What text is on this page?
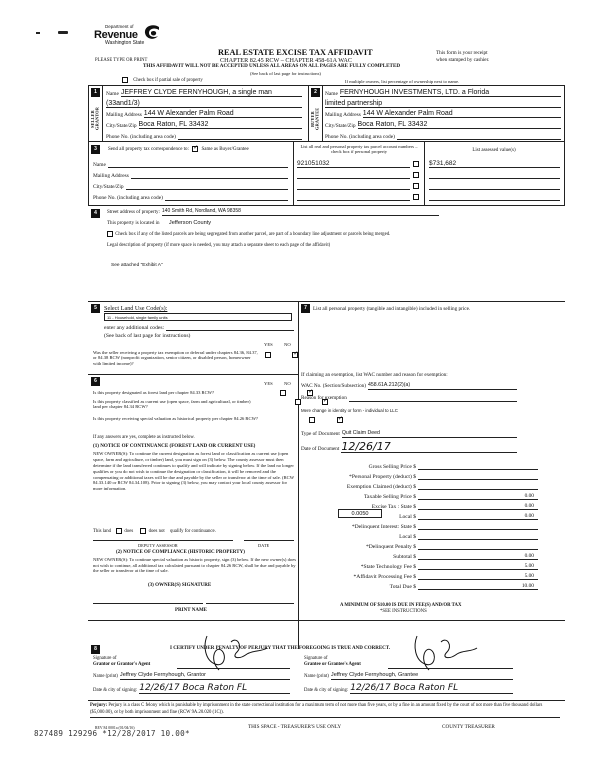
Department of
Revenue
Washington State
REAL ESTATE EXCISE TAX AFFIDAVIT
CHAPTER 82.45 RCW – CHAPTER 458-61A WAC
THIS AFFIDAVIT WILL NOT BE ACCEPTED UNLESS ALL AREAS ON ALL PAGES ARE FULLY COMPLETED
(See back of last page for instructions)
PLEASE TYPE OR PRINT
This form is your receipt
when stamped by cashier.
Check box if partial sale of property	If multiple owners, list percentage of ownership next to name.
1
SELLER GRANTOR
Name JEFFREY CLYDE FERNYHOUGH, a single man
(33and1/3)
Mailing Address 144 W Alexander Palm Road
City/State/Zip Boca Raton, FL 33432
Phone No. (including area code)
2
BUYER GRANTEE
Name FERNYHOUGH INVESTMENTS, LTD. a Florida
limited partnership
Mailing Address 144 W Alexander Palm Road
City/State/Zip Boca Raton, FL 33432
Phone No. (including area code)
3	Send all property tax correspondence to: ✓	Same as Buyer/Grantee
Name
Mailing Address
City/State/Zip
Phone No. (including area code)
List all real and personal property tax parcel account numbers – check box if personal property	List assessed value(s)
921051032	$731,682
4	Street address of property: 140 Smith Rd, Nordland, WA 98358
This property is located in Jefferson County
Check box if any of the listed parcels are being segregated from another parcel, are part of a boundary line adjustment or parcels being merged.
Legal description of property (if more space is needed, you may attach a separate sheet to each page of the affidavit)
See attached "Exhibit A"
5	Select Land Use Code(s):
11 - Household, single family units
enter any additional codes:
(See back of last page for instructions)
YES NO
Was the seller receiving a property tax exemption or deferral under chapters 84.36, 84.37, or 84.38 RCW (nonprofit organization, senior citizen, or disabled person, homeowner with limited income)?
✓
6	YES NO
Is this property designated as forest land per chapter 84.33 RCW?
✓
Is this property classified as current use (open space, farm and agricultural, or timber) land per chapter 84.34 RCW?
✓
Is this property receiving special valuation as historical property per chapter 84.26 RCW?
✓
If any answers are yes, complete as instructed below.
(1) NOTICE OF CONTINUANCE (FOREST LAND OR CURRENT USE)
NEW OWNER(S): To continue the current designation as forest land or classification as current use (open space, farm and agriculture, or timber) land, you must sign on (3) below. The county assessor must then determine if the land transferred continues to qualify and will indicate by signing below. If the land no longer qualifies or you do not wish to continue the designation or classification, it will be removed and the compensating or additional taxes will be due and payable by the seller or transferor at the time of sale. (RCW 84.33.140 or RCW 84.34.108). Prior to signing (3) below, you may contact your local county assessor for more information.
This land	does	does not qualify for continuance.
DEPUTY ASSESSOR	DATE
(2) NOTICE OF COMPLIANCE (HISTORIC PROPERTY)
NEW OWNER(S): To continue special valuation as historic property, sign (3) below. If the new owner(s) does not wish to continue, all additional tax calculated pursuant to chapter 84.26 RCW, shall be due and payable by the seller or transferor at the time of sale.
(3) OWNER(S) SIGNATURE
PRINT NAME
7	List all personal property (tangible and intangible) included in selling price.
If claiming an exemption, list WAC number and reason for exemption:
WAC No. (Section/Subsection) 458.61A.212(2)(a)
Reason for exemption
Mere change in identity or form - individual to LLC
Type of Document Quit Claim Deed
Date of Document 12/26/17
Gross Selling Price $
*Personal Property (deduct) $
Exemption Claimed (deduct) $
Taxable Selling Price $	0.00
Excise Tax : State $	0.00
0.0050	Local $	0.00
*Delinquent Interest: State $
Local $
*Delinquent Penalty $
Subtotal $	0.00
*State Technology Fee $	5.00
*Affidavit Processing Fee $	5.00
Total Due $	10.00
A MINIMUM OF $10.00 IS DUE IN FEE(S) AND/OR TAX
*SEE INSTRUCTIONS
8	I CERTIFY UNDER PENALTY OF PERJURY THAT THE FOREGOING IS TRUE AND CORRECT.
Signature of
Grantor or Grantor's Agent
Name (print) Jeffrey Clyde Fernyhough, Grantor
Date & city of signing: 12/26/17 Boca Raton FL
Signature of
Grantee or Grantee's Agent
Name (print) Jeffrey Clyde Fernyhough, Grantee
Date & city of signing: 12/26/17 Boca Raton FL
Perjury: Perjury is a class C felony which is punishable by imprisonment in the state correctional institution for a maximum term of not more than five years, or by a fine in an amount fixed by the court of not more than five thousand dollars ($5,000.00), or by both imprisonment and fine (RCW 9A.20.020 (1C)).
REV 84 0001a (01/04/16)	THIS SPACE - TREASURER'S USE ONLY	COUNTY TREASURER
827489 129296 *12/28/2017 10.00*
